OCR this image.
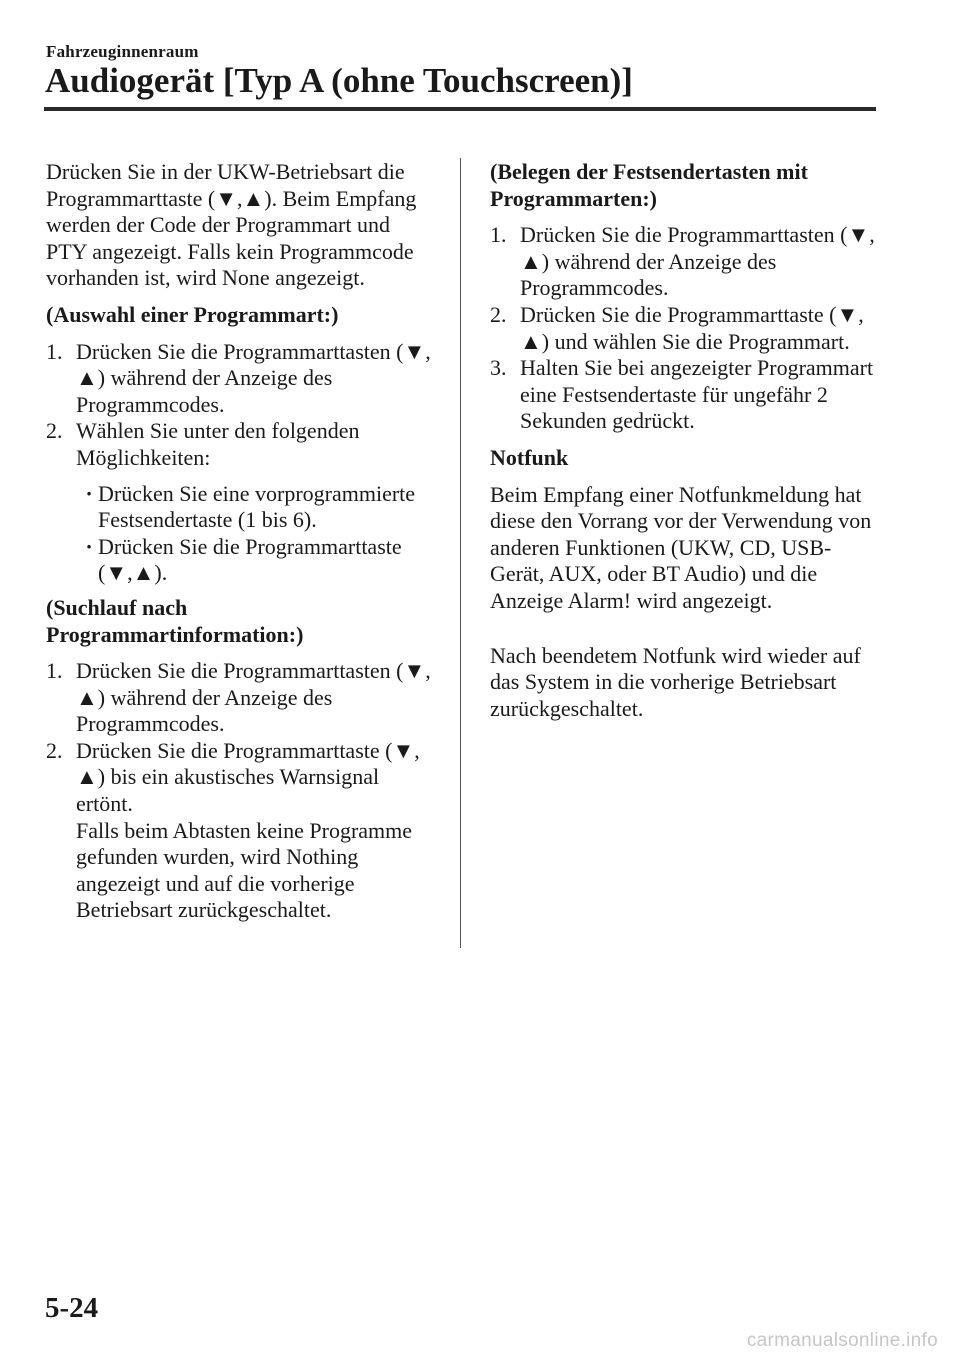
Fahrzeuginnenraum
Audiogerät [Typ A (ohne Touchscreen)]

Drücken Sie in der UKW-Betriebsart die Programmarttaste (▼,▲). Beim Empfang werden der Code der Programmart und PTY angezeigt. Falls kein Programmcode vorhanden ist, wird None angezeigt.

(Auswahl einer Programmart:)

1. Drücken Sie die Programmarttasten (▼, ▲) während der Anzeige des Programmcodes.
2. Wählen Sie unter den folgenden Möglichkeiten:
· Drücken Sie eine vorprogrammierte Festsendertaste (1 bis 6).
· Drücken Sie die Programmarttaste (▼,▲).

(Suchlauf nach Programmartinformation:)

1. Drücken Sie die Programmarttasten (▼, ▲) während der Anzeige des Programmcodes.
2. Drücken Sie die Programmarttaste (▼, ▲) bis ein akustisches Warnsignal ertönt.

Falls beim Abtasten keine Programme gefunden wurden, wird Nothing angezeigt und auf die vorherige Betriebsart zurückgeschaltet.

(Belegen der Festsendertasten mit Programmarten:)

1. Drücken Sie die Programmarttasten (▼, ▲) während der Anzeige des Programmcodes.
2. Drücken Sie die Programmarttaste (▼, ▲) und wählen Sie die Programmart.
3. Halten Sie bei angezeigter Programmart eine Festsendertaste für ungefähr 2 Sekunden gedrückt.

Notfunk

Beim Empfang einer Notfunkmeldung hat diese den Vorrang vor der Verwendung von anderen Funktionen (UKW, CD, USB-Gerät, AUX, oder BT Audio) und die Anzeige Alarm! wird angezeigt.

Nach beendetem Notfunk wird wieder auf das System in die vorherige Betriebsart zurückgeschaltet.

5-24
carmanualsonline.info
